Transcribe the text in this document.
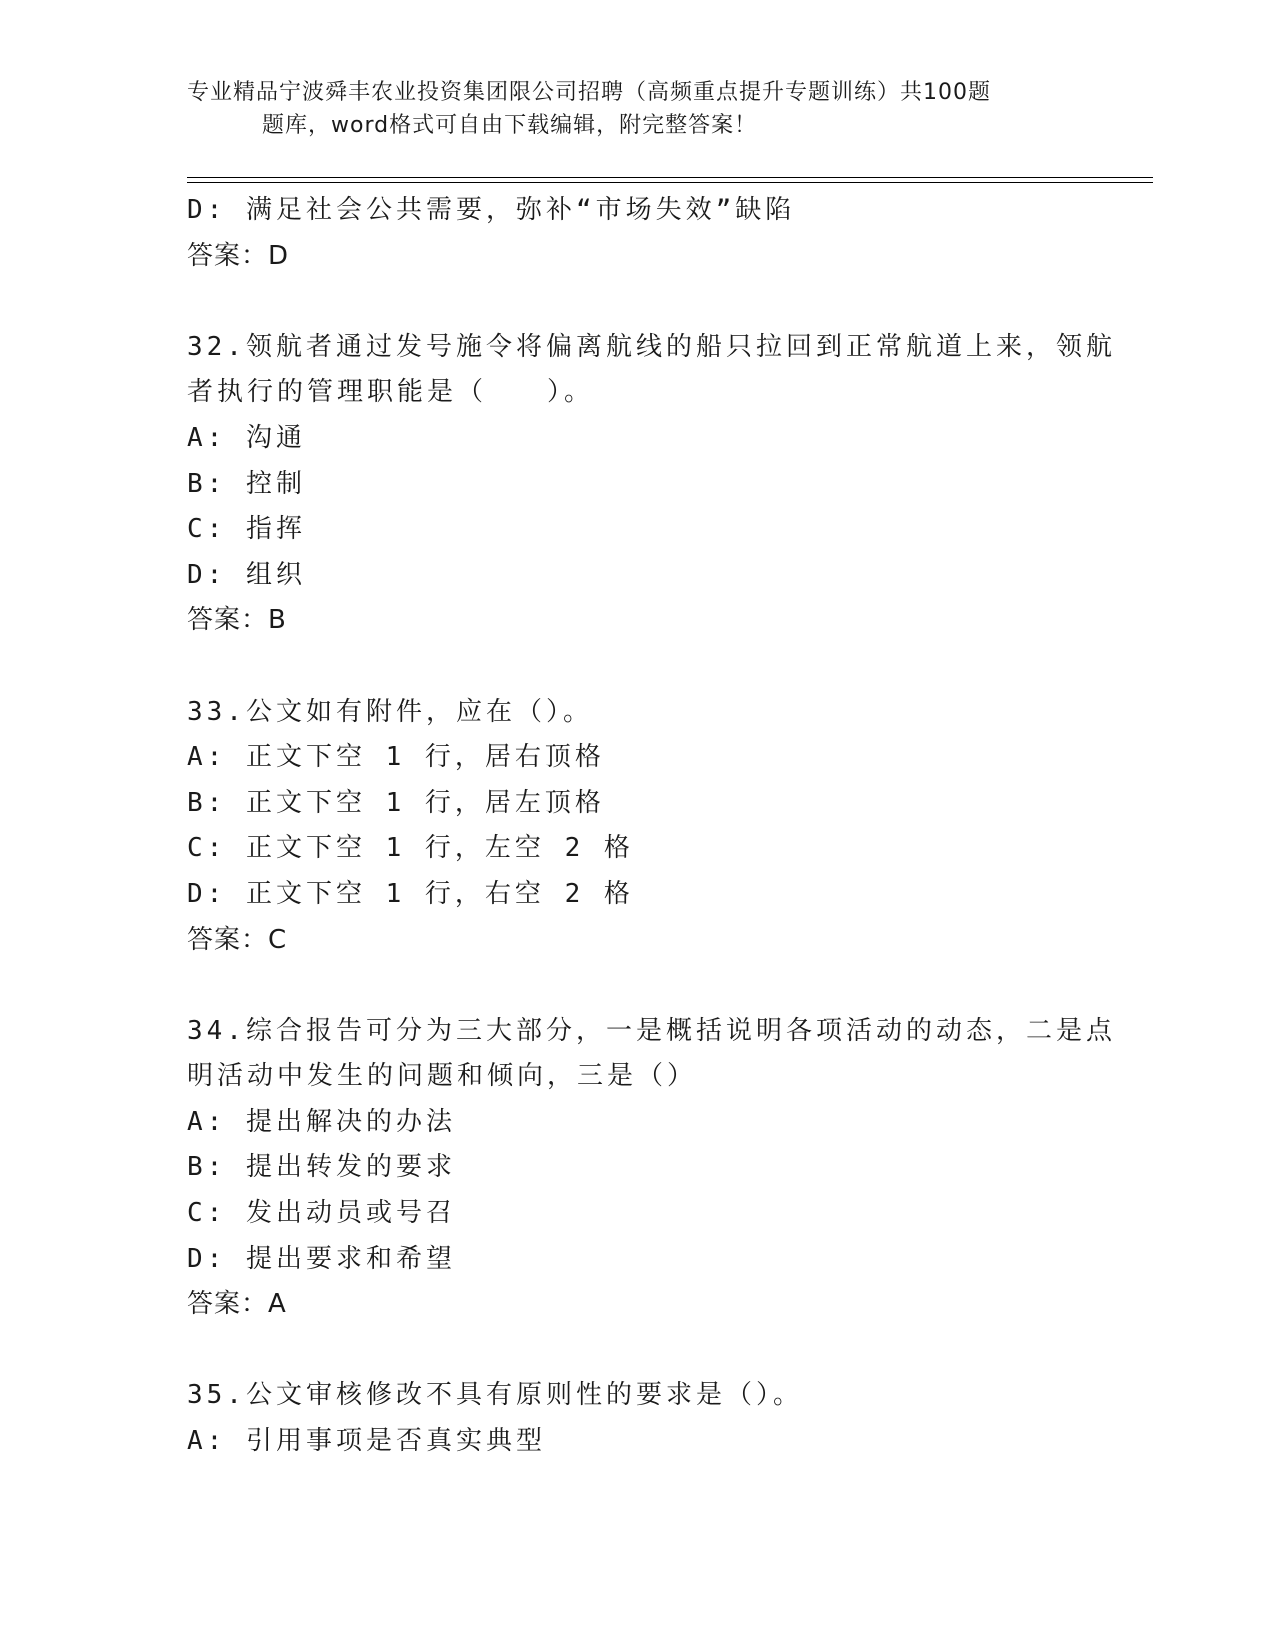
专业精品宁波舜丰农业投资集团限公司招聘（高频重点提升专题训练）共100题
题库，word格式可自由下载编辑，附完整答案！
D: 满足社会公共需要，弥补“市场失效”缺陷
答案：D
32.领航者通过发号施令将偏离航线的船只拉回到正常航道上来，领航
者执行的管理职能是（　　）。
A: 沟通
B: 控制
C: 指挥
D: 组织
答案：B
33.公文如有附件，应在（）。
A: 正文下空 1 行，居右顶格
B: 正文下空 1 行，居左顶格
C: 正文下空 1 行，左空 2 格
D: 正文下空 1 行，右空 2 格
答案：C
34.综合报告可分为三大部分，一是概括说明各项活动的动态，二是点
明活动中发生的问题和倾向，三是（）
A: 提出解决的办法
B: 提出转发的要求
C: 发出动员或号召
D: 提出要求和希望
答案：A
35.公文审核修改不具有原则性的要求是（）。
A: 引用事项是否真实典型
